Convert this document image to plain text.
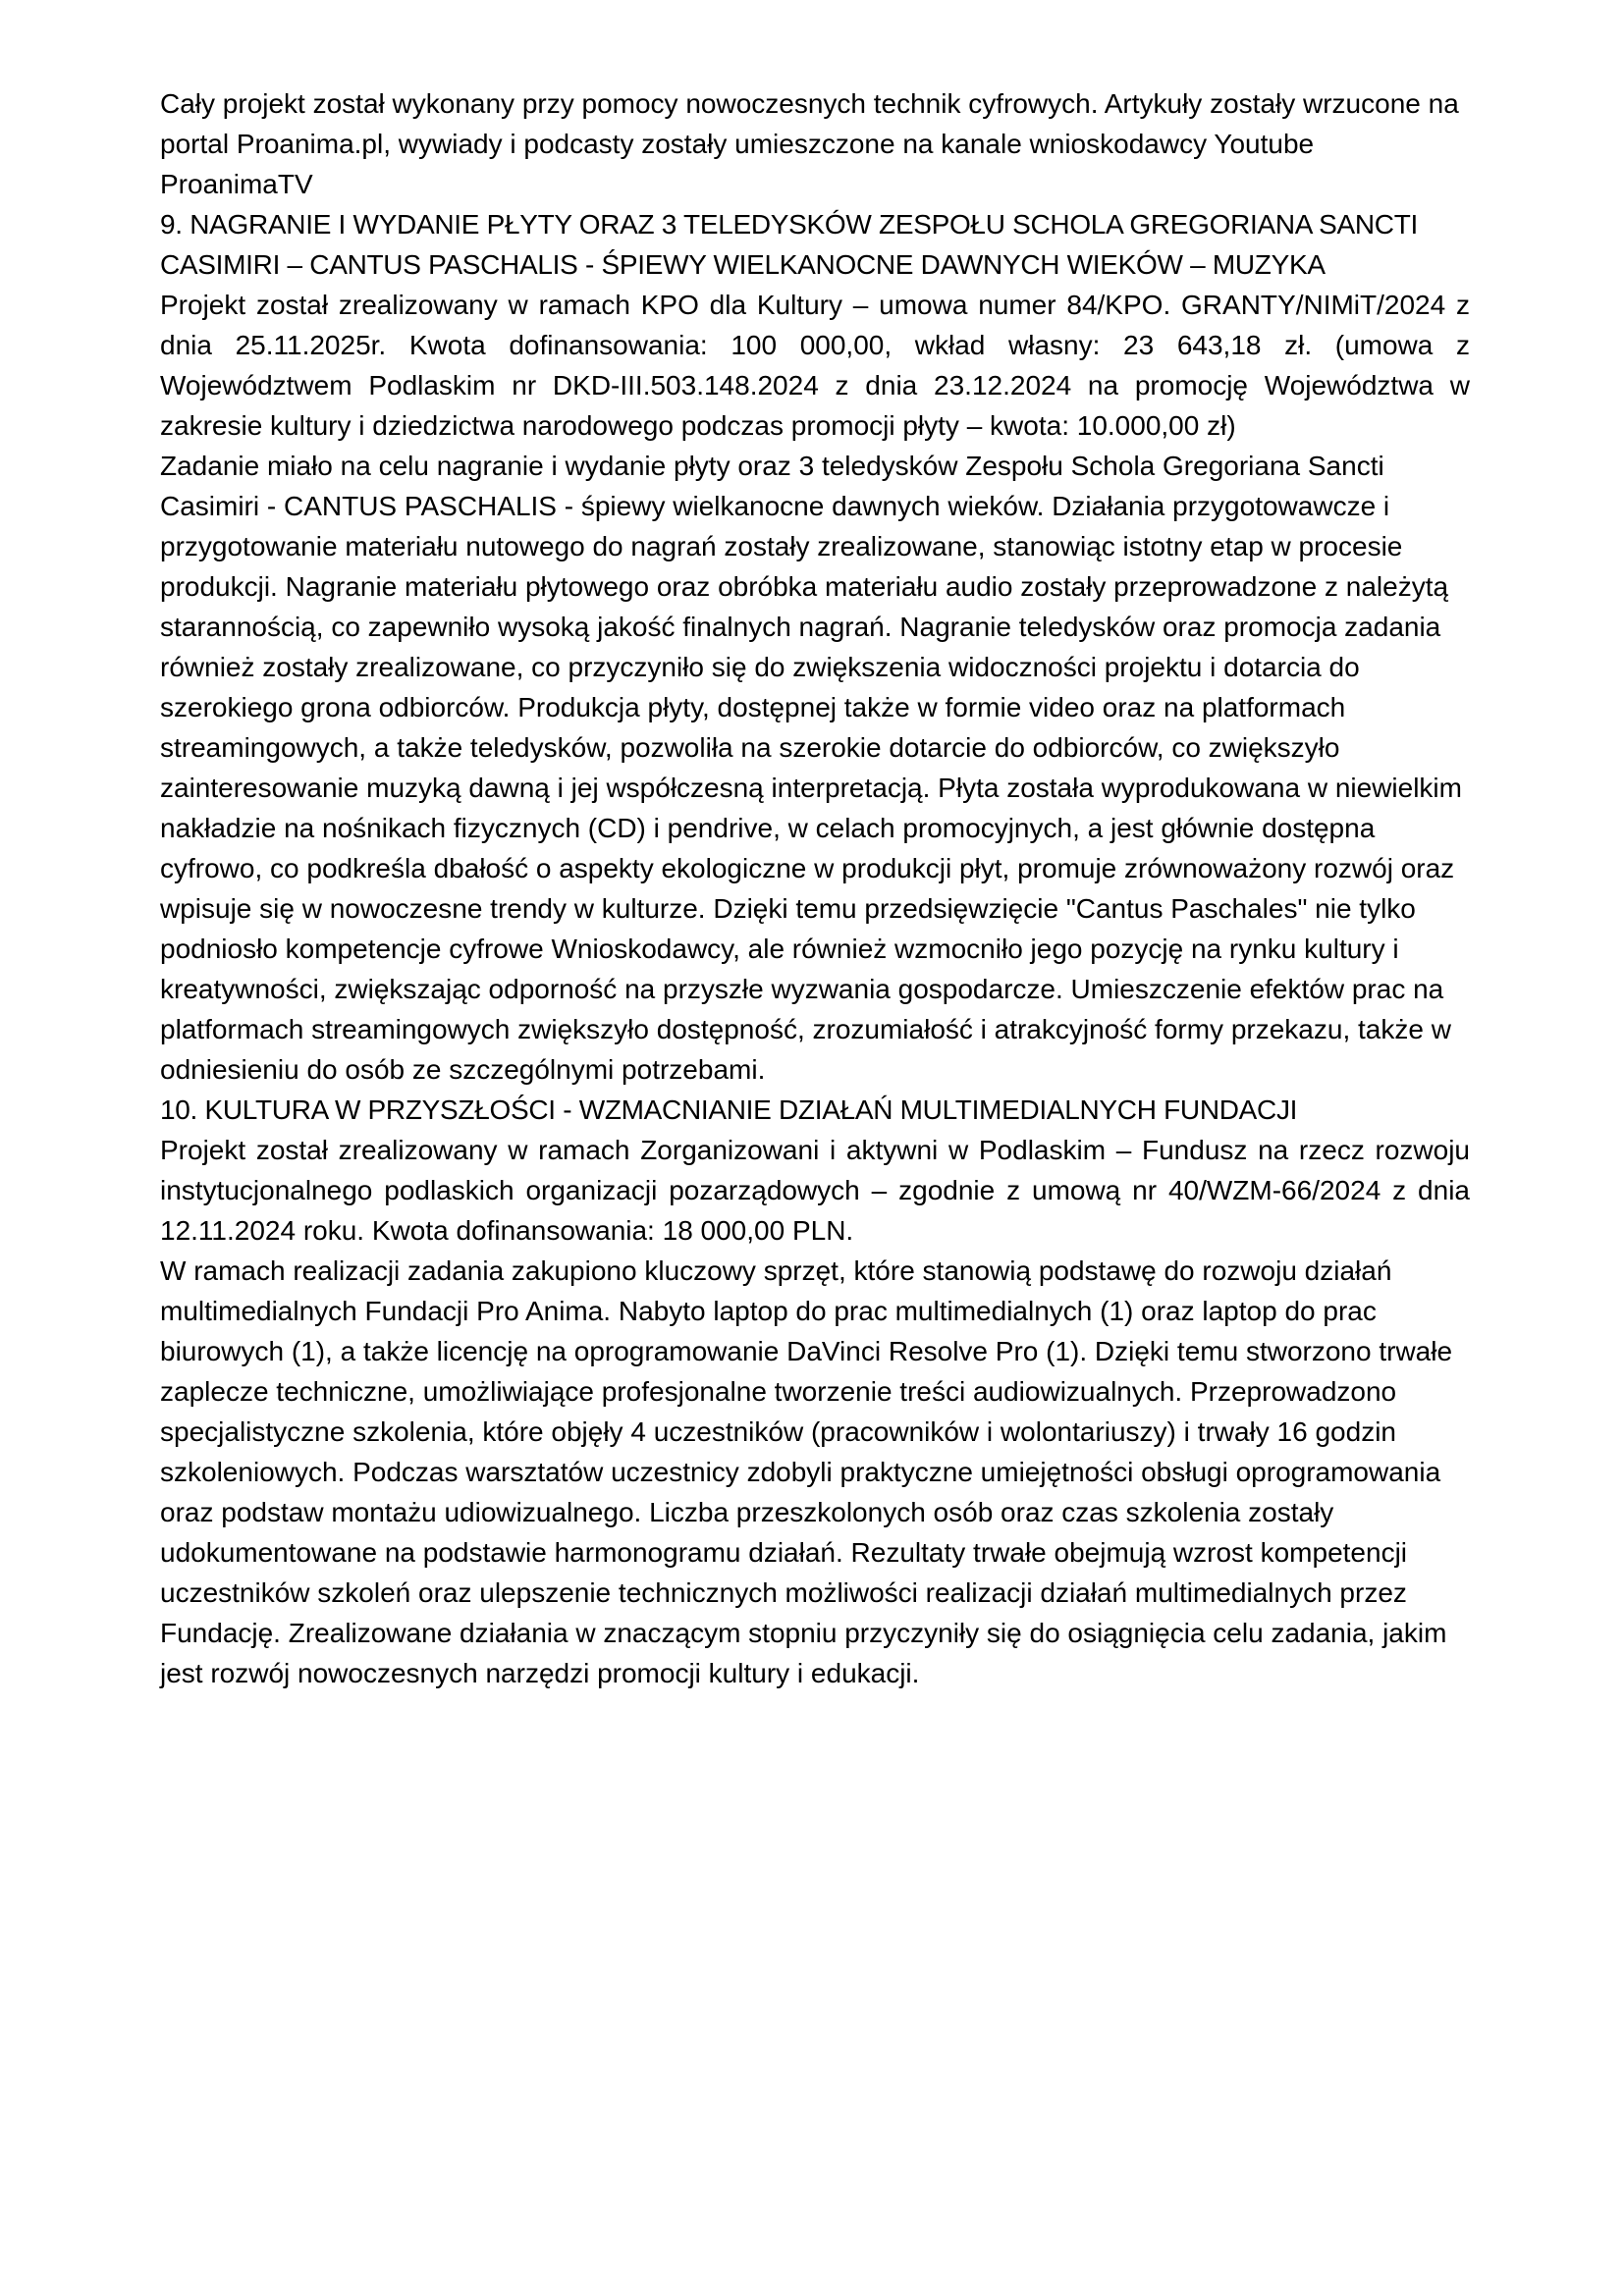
Cały projekt został wykonany przy pomocy nowoczesnych technik cyfrowych. Artykuły zostały wrzucone na portal Proanima.pl, wywiady i podcasty zostały umieszczone na kanale wnioskodawcy Youtube ProanimaTV

9. NAGRANIE I WYDANIE PŁYTY ORAZ 3 TELEDYSKÓW ZESPOŁU SCHOLA GREGORIANA SANCTI CASIMIRI – CANTUS PASCHALIS - ŚPIEWY WIELKANOCNE DAWNYCH WIEKÓW – MUZYKA

Projekt został zrealizowany w ramach KPO dla Kultury – umowa numer 84/KPO. GRANTY/NIMiT/2024 z dnia 25.11.2025r. Kwota dofinansowania: 100 000,00, wkład własny: 23 643,18 zł. (umowa z Województwem Podlaskim nr DKD-III.503.148.2024 z dnia 23.12.2024 na promocję Województwa w zakresie kultury i dziedzictwa narodowego podczas promocji płyty – kwota: 10.000,00 zł)

Zadanie miało na celu nagranie i wydanie płyty oraz 3 teledysków Zespołu Schola Gregoriana Sancti Casimiri - CANTUS PASCHALIS - śpiewy wielkanocne dawnych wieków. Działania przygotowawcze i przygotowanie materiału nutowego do nagrań zostały zrealizowane, stanowiąc istotny etap w procesie produkcji. Nagranie materiału płytowego oraz obróbka materiału audio zostały przeprowadzone z należytą starannością, co zapewniło wysoką jakość finalnych nagrań. Nagranie teledysków oraz promocja zadania również zostały zrealizowane, co przyczyniło się do zwiększenia widoczności projektu i dotarcia do szerokiego grona odbiorców. Produkcja płyty, dostępnej także w formie video oraz na platformach streamingowych, a także teledysków, pozwoliła na szerokie dotarcie do odbiorców, co zwiększyło zainteresowanie muzyką dawną i jej współczesną interpretacją. Płyta została wyprodukowana w niewielkim nakładzie na nośnikach fizycznych (CD) i pendrive, w celach promocyjnych, a jest głównie dostępna cyfrowo, co podkreśla dbałość o aspekty ekologiczne w produkcji płyt, promuje zrównoważony rozwój oraz wpisuje się w nowoczesne trendy w kulturze. Dzięki temu przedsięwzięcie "Cantus Paschales" nie tylko podniosło kompetencje cyfrowe Wnioskodawcy, ale również wzmocniło jego pozycję na rynku kultury i kreatywności, zwiększając odporność na przyszłe wyzwania gospodarcze. Umieszczenie efektów prac na platformach streamingowych zwiększyło dostępność, zrozumiałość i atrakcyjność formy przekazu, także w odniesieniu do osób ze szczególnymi potrzebami.

10. KULTURA W PRZYSZŁOŚCI - WZMACNIANIE DZIAŁAŃ MULTIMEDIALNYCH FUNDACJI

Projekt został zrealizowany w ramach Zorganizowani i aktywni w Podlaskim – Fundusz na rzecz rozwoju instytucjonalnego podlaskich organizacji pozarządowych – zgodnie z umową nr 40/WZM-66/2024 z dnia 12.11.2024 roku. Kwota dofinansowania: 18 000,00 PLN.

W ramach realizacji zadania zakupiono kluczowy sprzęt, które stanowią podstawę do rozwoju działań multimedialnych Fundacji Pro Anima. Nabyto laptop do prac multimedialnych (1) oraz laptop do prac biurowych (1), a także licencję na oprogramowanie DaVinci Resolve Pro (1). Dzięki temu stworzono trwałe zaplecze techniczne, umożliwiające profesjonalne tworzenie treści audiowizualnych. Przeprowadzono specjalistyczne szkolenia, które objęły 4 uczestników (pracowników i wolontariuszy) i trwały 16 godzin szkoleniowych. Podczas warsztatów uczestnicy zdobyli praktyczne umiejętności obsługi oprogramowania oraz podstaw montażu udiowizualnego. Liczba przeszkolonych osób oraz czas szkolenia zostały udokumentowane na podstawie harmonogramu działań. Rezultaty trwałe obejmują wzrost kompetencji uczestników szkoleń oraz ulepszenie technicznych możliwości realizacji działań multimedialnych przez Fundację. Zrealizowane działania w znaczącym stopniu przyczyniły się do osiągnięcia celu zadania, jakim jest rozwój nowoczesnych narzędzi promocji kultury i edukacji.
